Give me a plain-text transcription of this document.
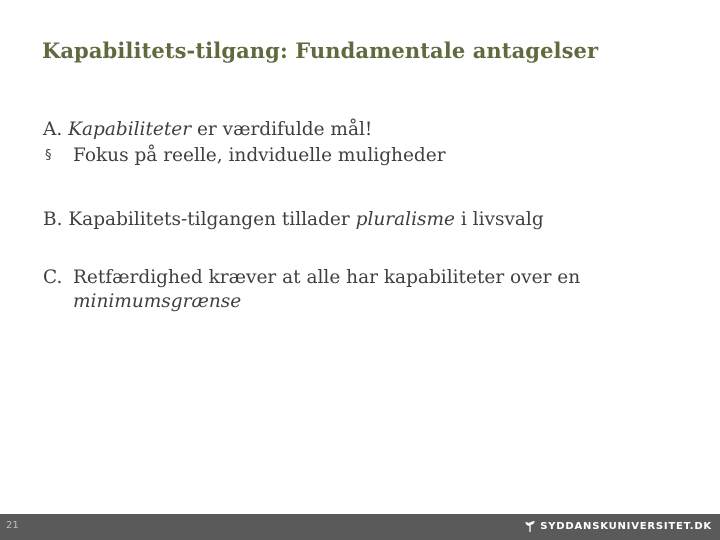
Kapabilitets-tilgang: Fundamentale antagelser
A. Kapabiliteter er værdifulde mål!
§ Fokus på reelle, indviduelle muligheder
B. Kapabilitets-tilgangen tillader pluralisme i livsvalg
C. Retfærdighed kræver at alle har kapabiliteter over en
minimumsgrænse
21	SYDDANSKUNIVERSITET.DK
